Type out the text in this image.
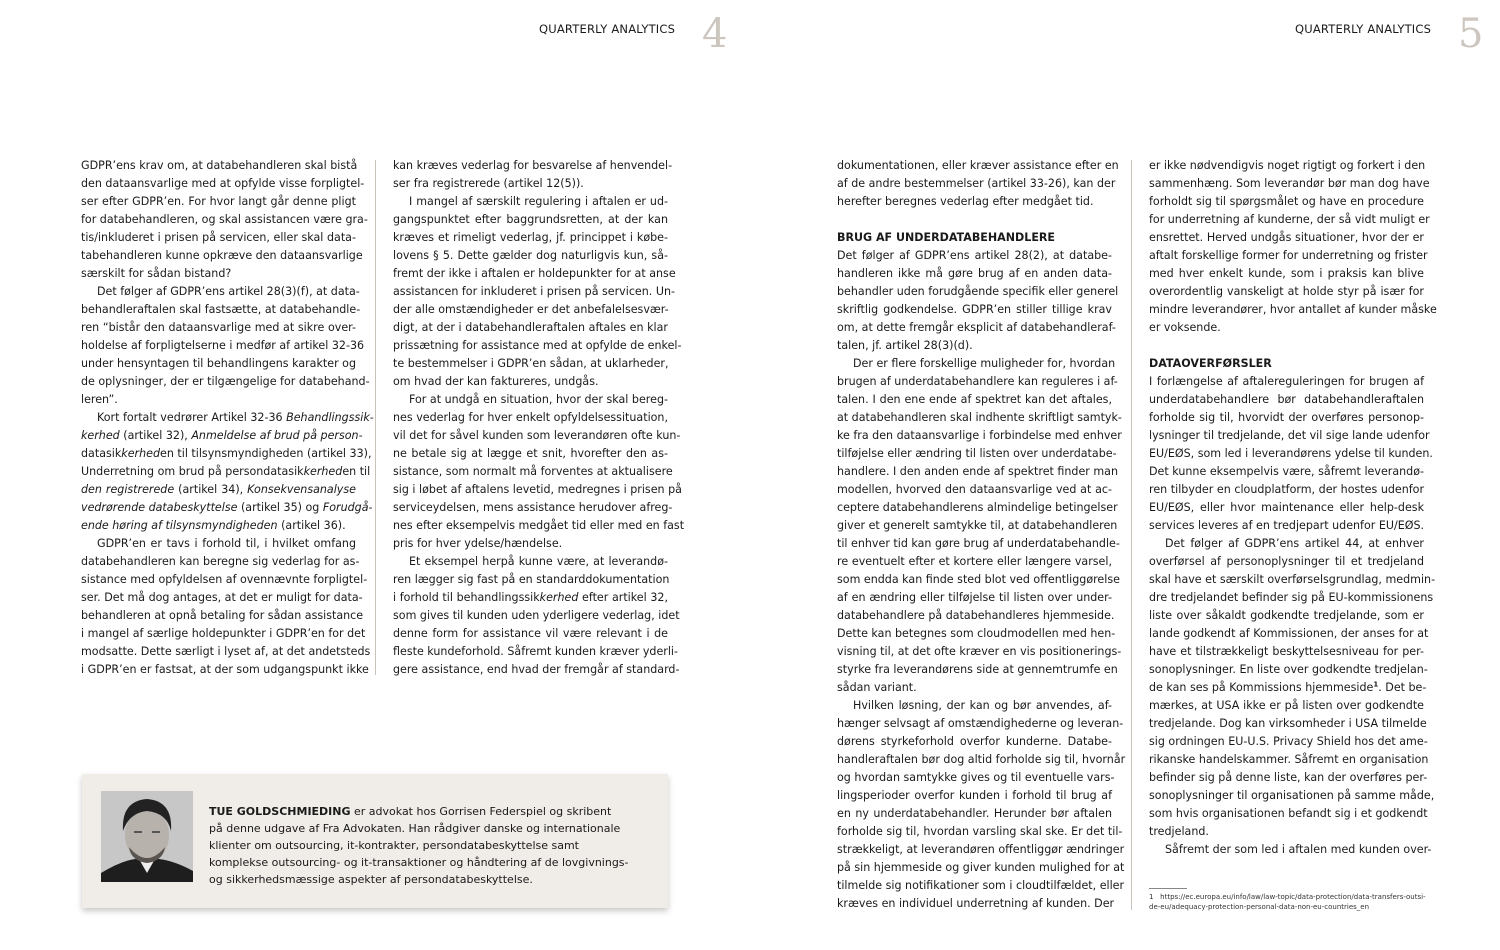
QUARTERLY ANALYTICS 4
GDPR’ens krav om, at databehandleren skal bistå
den dataansvarlige med at opfylde visse forpligtel-
ser efter GDPR’en. For hvor langt går denne pligt
for databehandleren, og skal assistancen være gra-
tis/inkluderet i prisen på servicen, eller skal data-
tabehandleren kunne opkræve den dataansvarlige
særskilt for sådan bistand?
Det følger af GDPR’ens artikel 28(3)(f), at data-
behandleraftalen skal fastsætte, at databehandle-
ren “bistår den dataansvarlige med at sikre over-
holdelse af forpligtelserne i medfør af artikel 32-36
under hensyntagen til behandlingens karakter og
de oplysninger, der er tilgængelige for databehand-
leren”.
Kort fortalt vedrører Artikel 32-36 Behandlingssik-
kerhed (artikel 32), Anmeldelse af brud på person-
datasikkerheden til tilsynsmyndigheden (artikel 33),
Underretning om brud på persondatasikkerheden til
den registrerede (artikel 34), Konsekvensanalyse
vedrørende databeskyttelse (artikel 35) og Forudgå-
ende høring af tilsynsmyndigheden (artikel 36).
GDPR’en er tavs i forhold til, i hvilket omfang
databehandleren kan beregne sig vederlag for as-
sistance med opfyldelsen af ovennævnte forpligtel-
ser. Det må dog antages, at det er muligt for data-
behandleren at opnå betaling for sådan assistance
i mangel af særlige holdepunkter i GDPR’en for det
modsatte. Dette særligt i lyset af, at det andetsteds
i GDPR’en er fastsat, at der som udgangspunkt ikke
kan kræves vederlag for besvarelse af henvendel-
ser fra registrerede (artikel 12(5)).
I mangel af særskilt regulering i aftalen er ud-
gangspunktet efter baggrundsretten, at der kan
kræves et rimeligt vederlag, jf. princippet i købe-
lovens § 5. Dette gælder dog naturligvis kun, så-
fremt der ikke i aftalen er holdepunkter for at anse
assistancen for inkluderet i prisen på servicen. Un-
der alle omstændigheder er det anbefalelsesvær-
digt, at der i databehandleraftalen aftales en klar
prissætning for assistance med at opfylde de enkel-
te bestemmelser i GDPR’en sådan, at uklarheder,
om hvad der kan faktureres, undgås.
For at undgå en situation, hvor der skal bereg-
nes vederlag for hver enkelt opfyldelsessituation,
vil det for såvel kunden som leverandøren ofte kun-
ne betale sig at lægge et snit, hvorefter den as-
sistance, som normalt må forventes at aktualisere
sig i løbet af aftalens levetid, medregnes i prisen på
serviceydelsen, mens assistance herudover afreg-
nes efter eksempelvis medgået tid eller med en fast
pris for hver ydelse/hændelse.
Et eksempel herpå kunne være, at leverandø-
ren lægger sig fast på en standarddokumentation
i forhold til behandlingssikkerhed efter artikel 32,
som gives til kunden uden yderligere vederlag, idet
denne form for assistance vil være relevant i de
fleste kundeforhold. Såfremt kunden kræver yderli-
gere assistance, end hvad der fremgår af standard-
TUE GOLDSCHMIEDING er advokat hos Gorrisen Federspiel og skribent
på denne udgave af Fra Advokaten. Han rådgiver danske og internationale
klienter om outsourcing, it-kontrakter, persondatabeskyttelse samt
komplekse outsourcing- og it-transaktioner og håndtering af de lovgivnings-
og sikkerhedsmæssige aspekter af persondatabeskyttelse.
QUARTERLY ANALYTICS 5
dokumentationen, eller kræver assistance efter en
af de andre bestemmelser (artikel 33-26), kan der
herefter beregnes vederlag efter medgået tid.

BRUG AF UNDERDATABEHANDLERE
Det følger af GDPR’ens artikel 28(2), at databe-
handleren ikke må gøre brug af en anden data-
behandler uden forudgående specifik eller generel
skriftlig godkendelse. GDPR’en stiller tillige krav
om, at dette fremgår eksplicit af databehandleraf-
talen, jf. artikel 28(3)(d).
Der er flere forskellige muligheder for, hvordan
brugen af underdatabehandlere kan reguleres i af-
talen. I den ene ende af spektret kan det aftales,
at databehandleren skal indhente skriftligt samtyk-
ke fra den dataansvarlige i forbindelse med enhver
tilføjelse eller ændring til listen over underdatabe-
handlere. I den anden ende af spektret finder man
modellen, hvorved den dataansvarlige ved at ac-
ceptere databehandlerens almindelige betingelser
giver et generelt samtykke til, at databehandleren
til enhver tid kan gøre brug af underdatabehandle-
re eventuelt efter et kortere eller længere varsel,
som endda kan finde sted blot ved offentliggørelse
af en ændring eller tilføjelse til listen over under-
databehandlere på databehandleres hjemmeside.
Dette kan betegnes som cloudmodellen med hen-
visning til, at det ofte kræver en vis positionerings-
styrke fra leverandørens side at gennemtrumfe en
sådan variant.
Hvilken løsning, der kan og bør anvendes, af-
hænger selvsagt af omstændighederne og leveran-
dørens styrkeforhold overfor kunderne. Databe-
handleraftalen bør dog altid forholde sig til, hvornår
og hvordan samtykke gives og til eventuelle vars-
lingsperioder overfor kunden i forhold til brug af
en ny underdatabehandler. Herunder bør aftalen
forholde sig til, hvordan varsling skal ske. Er det til-
strækkeligt, at leverandøren offentliggør ændringer
på sin hjemmeside og giver kunden mulighed for at
tilmelde sig notifikationer som i cloudtilfældet, eller
kræves en individuel underretning af kunden. Der
er ikke nødvendigvis noget rigtigt og forkert i den
sammenhæng. Som leverandør bør man dog have
forholdt sig til spørgsmålet og have en procedure
for underretning af kunderne, der så vidt muligt er
ensrettet. Herved undgås situationer, hvor der er
aftalt forskellige former for underretning og frister
med hver enkelt kunde, som i praksis kan blive
overordentlig vanskeligt at holde styr på især for
mindre leverandører, hvor antallet af kunder måske
er voksende.

DATAOVERFØRSLER
I forlængelse af aftalereguleringen for brugen af
underdatabehandlere bør databehandleraftalen
forholde sig til, hvorvidt der overføres personop-
lysninger til tredjelande, det vil sige lande udenfor
EU/EØS, som led i leverandørens ydelse til kunden.
Det kunne eksempelvis være, såfremt leverandø-
ren tilbyder en cloudplatform, der hostes udenfor
EU/EØS, eller hvor maintenance eller help-desk
services leveres af en tredjepart udenfor EU/EØS.
Det følger af GDPR’ens artikel 44, at enhver
overførsel af personoplysninger til et tredjeland
skal have et særskilt overførselsgrundlag, medmin-
dre tredjelandet befinder sig på EU-kommissionens
liste over såkaldt godkendte tredjelande, som er
lande godkendt af Kommissionen, der anses for at
have et tilstrækkeligt beskyttelsesniveau for per-
sonoplysninger. En liste over godkendte tredjelan-
de kan ses på Kommissions hjemmeside$^1$. Det be-
mærkes, at USA ikke er på listen over godkendte
tredjelande. Dog kan virksomheder i USA tilmelde
sig ordningen EU-U.S. Privacy Shield hos det ame-
rikanske handelskammer. Såfremt en organisation
befinder sig på denne liste, kan der overføres per-
sonoplysninger til organisationen på samme måde,
som hvis organisationen befandt sig i et godkendt
tredjeland.
Såfremt der som led i aftalen med kunden over-
1 https://ec.europa.eu/info/law/law-topic/data-protection/data-transfers-outsi-
de-eu/adequacy-protection-personal-data-non-eu-countries_en
